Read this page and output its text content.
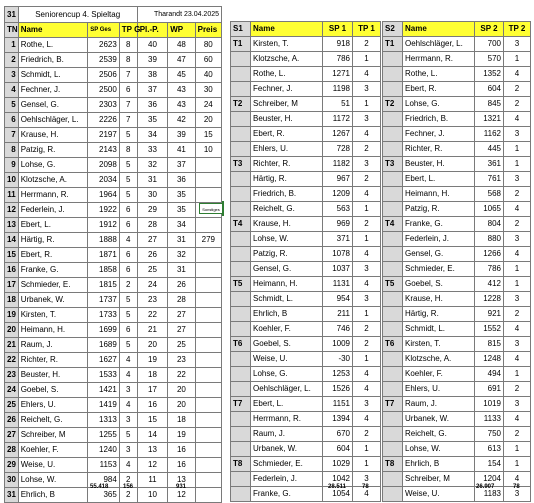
31	Seniorencup 4. Spieltag			Tharandt 23.04.2025		
TN	Name	SP Ges	TP G	Pl.-P.	WP	Preis
1	Rothe, L.	2623	8	40	48	80
2	Friedrich, B.	2539	8	39	47	60
3	Schmidt, L.	2506	7	38	45	40
4	Fechner, J.	2500	6	37	43	30
5	Gensel, G.	2303	7	36	43	24
6	Oehlschläger, L.	2226	7	35	42	20
7	Krause, H.	2197	5	34	39	15
8	Patzig, R.	2143	8	33	41	10
9	Lohse, G.	2098	5	32	37	
10	Klotzsche, A.	2034	5	31	36	
11	Herrmann, R.	1964	5	30	35	
12	Federlein, J.	1922	6	29	35	
13	Ebert, L.	1912	6	28	34	
14	Härtig, R.	1888	4	27	31	279
15	Ebert, R.	1871	6	26	32	
16	Franke, G.	1858	6	25	31	
17	Schmieder, E.	1815	2	24	26	
18	Urbanek, W.	1737	5	23	28	
19	Kirsten, T.	1733	5	22	27	
20	Heimann, H.	1699	6	21	27	
21	Raum, J.	1689	5	20	25	
22	Richter, R.	1627	4	19	23	
23	Beuster, H.	1533	4	18	22	
24	Goebel, S.	1421	3	17	20	
25	Ehlers, U.	1419	4	16	20	
26	Reichelt, G.	1313	3	15	18	
27	Schreiber, M	1255	5	14	19	
28	Koehler, F.	1240	3	13	16	
29	Weise, U.	1153	4	12	16	
30	Lohse, W.	984	2	11	13	
31	Ehrlich, B	365	2	10	12	
Sonstiges
S1	Name	SP 1	TP 1
T1	Kirsten, T.	918	2
	Klotzsche, A.	786	1
	Rothe, L.	1271	4
	Fechner, J.	1198	3
T2	Schreiber, M	51	1
	Beuster, H.	1172	3
	Ebert, R.	1267	4
	Ehlers, U.	728	2
T3	Richter, R.	1182	3
	Härtig, R.	967	2
	Friedrich, B.	1209	4
	Reichelt, G.	563	1
T4	Krause, H.	969	2
	Lohse, W.	371	1
	Patzig, R.	1078	4
	Gensel, G.	1037	3
T5	Heimann, H.	1131	4
	Schmidt, L.	954	3
	Ehrlich, B	211	1
	Koehler, F.	746	2
T6	Goebel, S.	1009	2
	Weise, U.	-30	1
	Lohse, G.	1253	4
	Oehlschläger, L.	1526	4
T7	Ebert, L.	1151	3
	Herrmann, R.	1394	4
	Raum, J.	670	2
	Urbanek, W.	604	1
T8	Schmieder, E.	1029	1
	Federlein, J.	1042	3
	Franke, G.	1054	4
S2	Name	SP 2	TP 2
T1	Oehlschläger, L.	700	3
	Herrmann, R.	570	1
	Rothe, L.	1352	4
	Ebert, R.	604	2
T2	Lohse, G.	845	2
	Friedrich, B.	1321	4
	Fechner, J.	1162	3
	Richter, R.	445	1
T3	Beuster, H.	361	1
	Ebert, L.	761	3
	Heimann, H.	568	2
	Patzig, R.	1065	4
T4	Franke, G.	804	2
	Federlein, J.	880	3
	Gensel, G.	1266	4
	Schmieder, E.	786	1
T5	Goebel, S.	412	1
	Krause, H.	1228	3
	Härtig, R.	921	2
	Schmidt, L.	1552	4
T6	Kirsten, T.	815	3
	Klotzsche, A.	1248	4
	Koehler, F.	494	1
	Ehlers, U.	691	2
T7	Raum, J.	1019	3
	Urbanek, W.	1133	4
	Reichelt, G.	750	2
	Lohse, W.	613	1
T8	Ehrlich, B	154	1
	Schreiber, M	1204	4
	Weise, U.	1183	3
55.418 156	931	28.511	78	26.907	78
